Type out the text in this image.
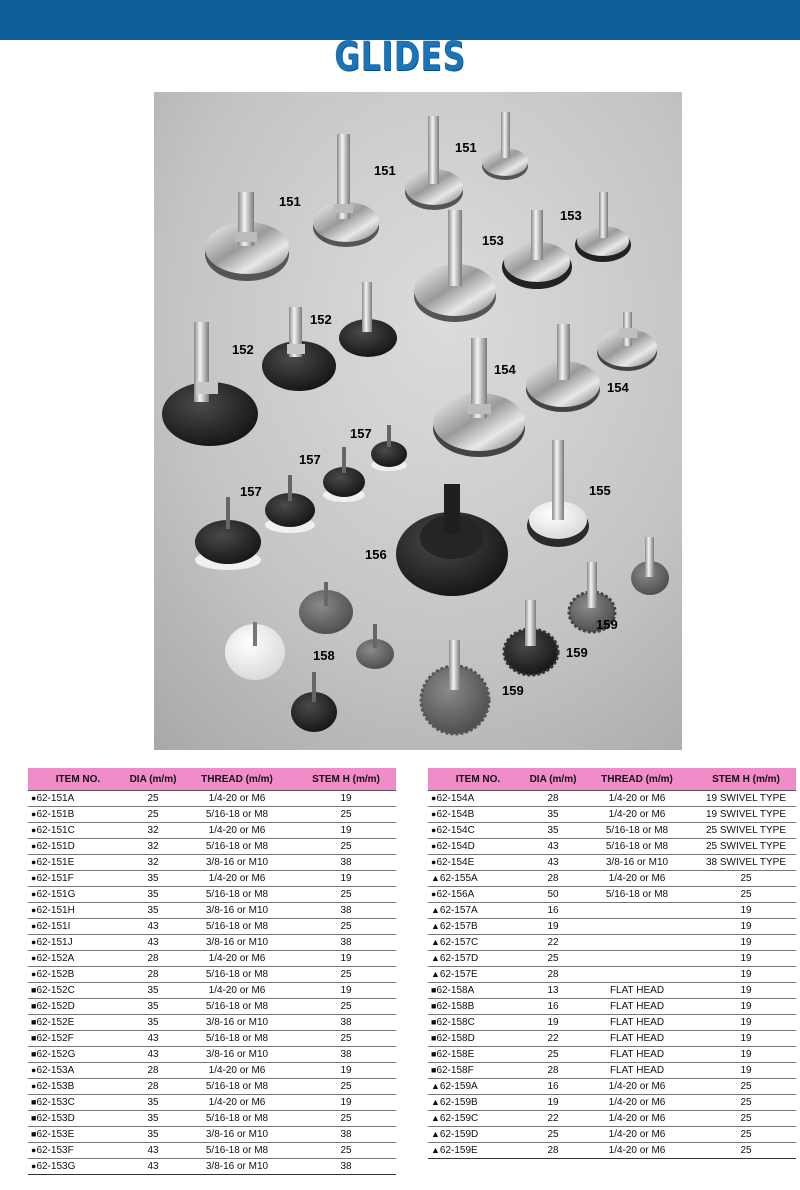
GLIDES
151
151
151
153
153
152
152
154
154
157
157
157
155
156
158
159
159
159
ITEM NO.	DIA (m/m)	THREAD (m/m)	STEM H (m/m)
●62-151A	25	1/4-20 or M6	19
●62-151B	25	5/16-18 or M8	25
●62-151C	32	1/4-20 or M6	19
●62-151D	32	5/16-18 or M8	25
●62-151E	32	3/8-16 or M10	38
●62-151F	35	1/4-20 or M6	19
●62-151G	35	5/16-18 or M8	25
●62-151H	35	3/8-16 or M10	38
●62-151I	43	5/16-18 or M8	25
●62-151J	43	3/8-16 or M10	38
●62-152A	28	1/4-20 or M6	19
●62-152B	28	5/16-18 or M8	25
■62-152C	35	1/4-20 or M6	19
■62-152D	35	5/16-18 or M8	25
■62-152E	35	3/8-16 or M10	38
■62-152F	43	5/16-18 or M8	25
■62-152G	43	3/8-16 or M10	38
●62-153A	28	1/4-20 or M6	19
●62-153B	28	5/16-18 or M8	25
■62-153C	35	1/4-20 or M6	19
■62-153D	35	5/16-18 or M8	25
■62-153E	35	3/8-16 or M10	38
●62-153F	43	5/16-18 or M8	25
●62-153G	43	3/8-16 or M10	38
ITEM NO.	DIA (m/m)	THREAD (m/m)	STEM H (m/m)
●62-154A	28	1/4-20 or M6	19 SWIVEL TYPE
●62-154B	35	1/4-20 or M6	19 SWIVEL TYPE
●62-154C	35	5/16-18 or M8	25 SWIVEL TYPE
●62-154D	43	5/16-18 or M8	25 SWIVEL TYPE
●62-154E	43	3/8-16 or M10	38 SWIVEL TYPE
▲62-155A	28	1/4-20 or M6	25
●62-156A	50	5/16-18 or M8	25
▲62-157A	16		19
▲62-157B	19		19
▲62-157C	22		19
▲62-157D	25		19
▲62-157E	28		19
■62-158A	13	FLAT HEAD	19
■62-158B	16	FLAT HEAD	19
■62-158C	19	FLAT HEAD	19
■62-158D	22	FLAT HEAD	19
■62-158E	25	FLAT HEAD	19
■62-158F	28	FLAT HEAD	19
▲62-159A	16	1/4-20 or M6	25
▲62-159B	19	1/4-20 or M6	25
▲62-159C	22	1/4-20 or M6	25
▲62-159D	25	1/4-20 or M6	25
▲62-159E	28	1/4-20 or M6	25
